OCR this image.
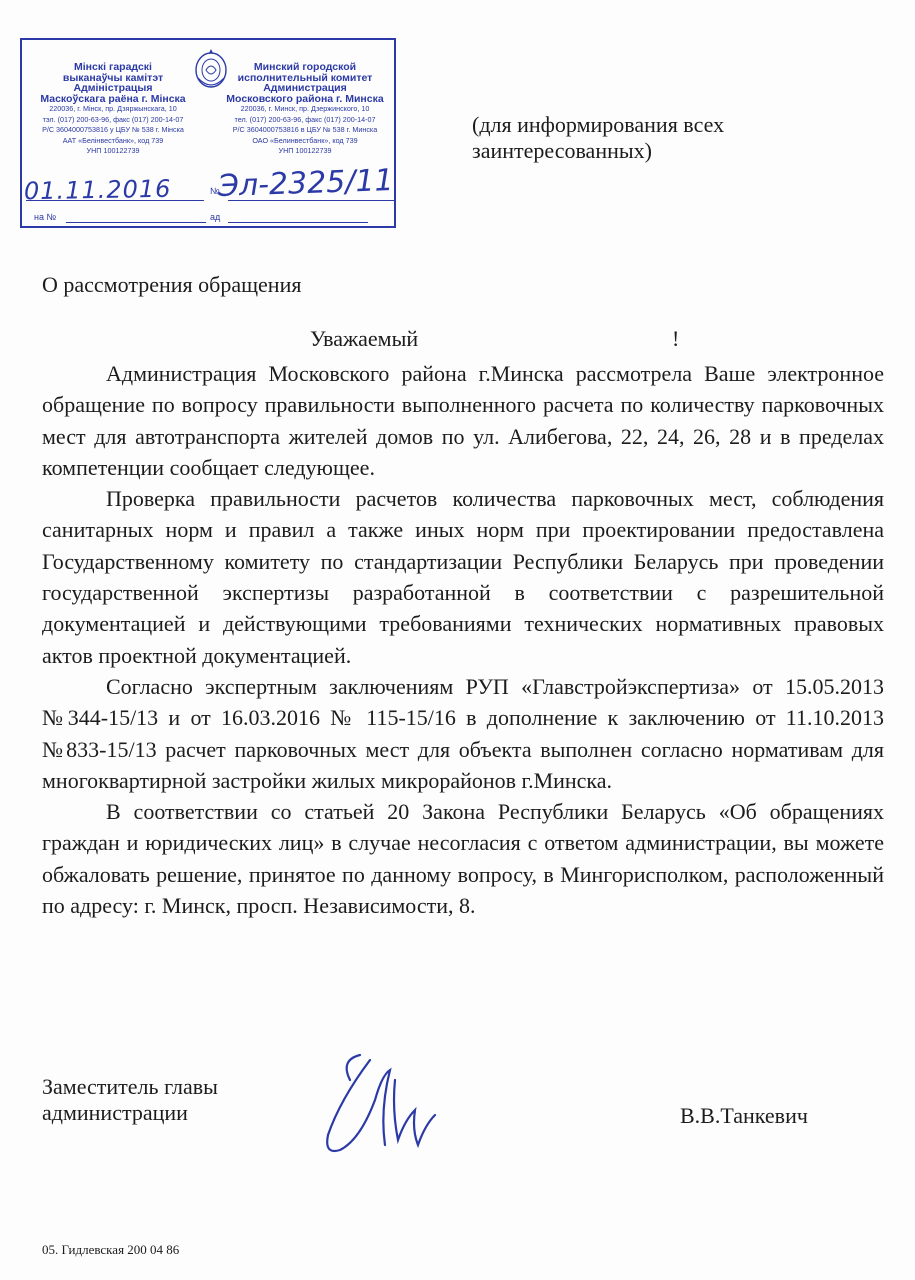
Мінскі гарадскі
выканаўчы камітэт
Адміністрацыя
Маскоўскага раёна г. Мінска
220036, г. Мінск, пр. Дзяржынскага, 10
тэл. (017) 200-63-96, факс (017) 200-14-07
Р/С 3604000753816 у ЦБУ № 538 г. Мінска
ААТ «Белінвестбанк», код 739
УНП 100122739
Минский городской
исполнительный комитет
Администрация
Московского района г. Минска
220036, г. Минск, пр. Дзержинского, 10
тел. (017) 200-63-96, факс (017) 200-14-07
Р/С 3604000753816 в ЦБУ № 538 г. Минска
ОАО «Белинвестбанк», код 739
УНП 100122739
01.11.2016	№
Эл-2325/11
на №	ад
(для информирования всех
заинтересованных)
О рассмотрения обращения
Уважаемый	!

Администрация Московского района г.Минска рассмотрела Ваше электронное обращение по вопросу правильности выполненного расчета по количеству парковочных мест для автотранспорта жителей домов по ул. Алибегова, 22, 24, 26, 28 и в пределах компетенции сообщает следующее.

Проверка правильности расчетов количества парковочных мест, соблюдения санитарных норм и правил а также иных норм при проектировании предоставлена Государственному комитету по стандартизации Республики Беларусь при проведении государственной экспертизы разработанной в соответствии с разрешительной документацией и действующими требованиями технических нормативных правовых актов проектной документацией.

Согласно экспертным заключениям РУП «Главстройэкспертиза» от 15.05.2013 №344-15/13 и от 16.03.2016 № 115-15/16 в дополнение к заключению от 11.10.2013 №833-15/13 расчет парковочных мест для объекта выполнен согласно нормативам для многоквартирной застройки жилых микрорайонов г.Минска.

В соответствии со статьей 20 Закона Республики Беларусь «Об обращениях граждан и юридических лиц» в случае несогласия с ответом администрации, вы можете обжаловать решение, принятое по данному вопросу, в Мингорисполком, расположенный по адресу: г. Минск, просп. Независимости, 8.

Заместитель главы
администрации	В.В.Танкевич
05. Гидлевская 200 04 86
